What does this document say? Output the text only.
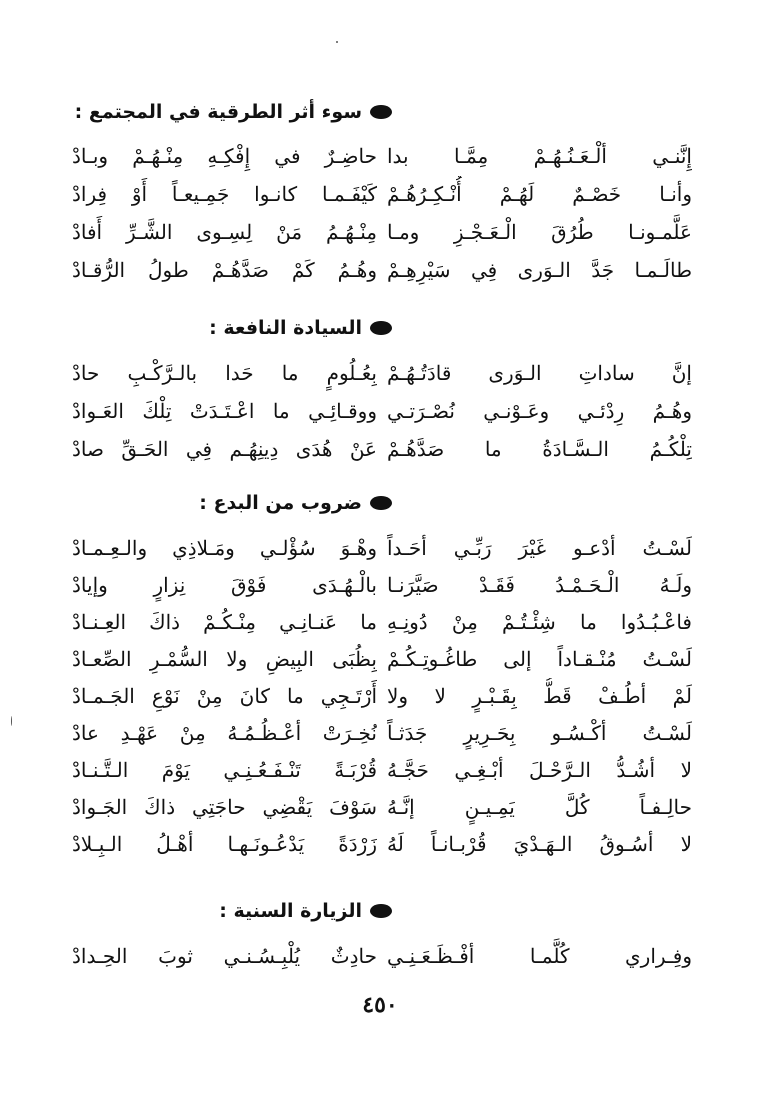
سوء أثر الطرقية في المجتمع :
إِنَّنـي ألْـعَـنُـهُـمْ مِمَّـا بدا
حاضِـرٌ في إِفْكِـهِ مِنْـهُـمْ وبـادْ
وأنـا خَصْـمٌ لَهُـمْ أُنْـكِـرُهُـمْ
كَيْفَـمـا كانـوا جَمِـيعـاً أَوْ فِرادْ
عَلَّمـونـا طُرُقَ الْـعَـجْـزِ ومـا
مِنْـهُـمُ مَنْ لِسِـوى الشَّـرِّ أَفادْ
طالَـمـا جَدَّ الـوَرى فِي سَيْرِهِـمْ
وهُـمُ كَمْ صَدَّهُـمْ طولُ الرُّقـادْ
السيادة النافعة :
إنَّ ساداتِ الـوَرى قادَتُـهُـمْ
بِعُـلُومٍ ما حَدا بالـرَّكْـبِ حادْ
وهُـمُ رِدْئـي وعَـوْنـي نُصْـرَتـي
ووقـائِـي ما اعْـتَـدَتْ تِلْكَ العَـوادْ
تِلْكُـمُ الـسَّـادَةُ ما صَدَّهُـمْ
عَنْ هُدَى دِينِهُـم فِي الحَـقِّ صادْ
ضروب من البدع :
لَسْـتُ أدْعـو غَيْرَ رَبِّـي أحَـداً
وهْـوَ سُؤْلـي ومَـلاذِي والـعِـمـادْ
ولَـهُ الْـحَـمْـدُ فَقَـدْ صَيَّرَنـا
بالْـهُـدَى فَوْقَ نِزارٍ وإيادْ
فاعْـبُـدُوا ما شِئْـتُـمْ مِنْ دُونِـهِ
ما عَنـانِـي مِنْـكُـمْ ذاكَ العِـنـادْ
لَسْـتُ مُنْـقـاداً إلى طاغُـوتِـكُـمْ
بِظُبَى البِيضِ ولا السُّمْـرِ الصِّعـادْ
لَمْ أطُـفْ قَطُّ بِقَـبْـرٍ لا ولا
أَرْتَـجِي ما كانَ مِنْ نَوْعِ الجَـمـادْ
لَسْـتُ أكْـسُـو بِحَـرِيرٍ جَدَثـاً
نُخِـرَتْ أعْـظُـمُـهُ مِنْ عَهْـدِ عادْ
لا أشُـدُّ الـرَّحْـلَ أبْـغِـي حَجَّـهُ
قُرْبَـةً تَنْـفَـعُـنِـي يَوْمَ الـتَّـنـادْ
حالِـفـاً كُلَّ يَمِـيـنٍ إنَّـهُ
سَوْفَ يَقْضِي حاجَتِي ذاكَ الجَـوادْ
لا أسُـوقُ الـهَـدْيَ قُرْبـانـاً لَهُ
زَرْدَةً يَدْعُـونَـهـا أهْـلُ الـبِـلادْ
الزيارة السنية :
وفِـراري كُلَّمـا أفْـظَـعَـنِـي
حادِثٌ يُلْبِـسُـنـي ثوبَ الحِـدادْ
٤٥٠
